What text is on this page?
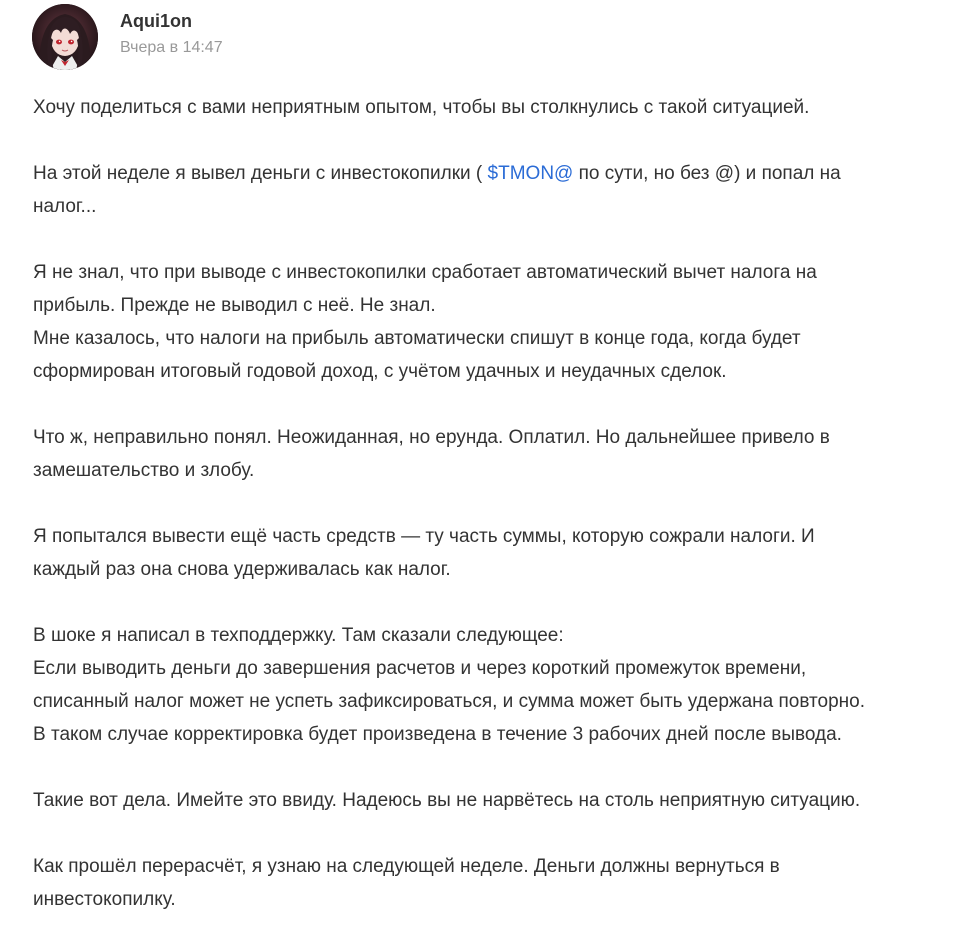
Aqui1on
Вчера в 14:47

Хочу поделиться с вами неприятным опытом, чтобы вы столкнулись с такой ситуацией.

На этой неделе я вывел деньги с инвестокопилки ( $TMON@ по сути, но без @) и попал на
налог...

Я не знал, что при выводе с инвестокопилки сработает автоматический вычет налога на
прибыль. Прежде не выводил с неё. Не знал.
Мне казалось, что налоги на прибыль автоматически спишут в конце года, когда будет
сформирован итоговый годовой доход, с учётом удачных и неудачных сделок.

Что ж, неправильно понял. Неожиданная, но ерунда. Оплатил. Но дальнейшее привело в
замешательство и злобу.

Я попытался вывести ещё часть средств — ту часть суммы, которую сожрали налоги. И
каждый раз она снова удерживалась как налог.

В шоке я написал в техподдержку. Там сказали следующее:
Если выводить деньги до завершения расчетов и через короткий промежуток времени,
списанный налог может не успеть зафиксироваться, и сумма может быть удержана повторно.
В таком случае корректировка будет произведена в течение 3 рабочих дней после вывода.

Такие вот дела. Имейте это ввиду. Надеюсь вы не нарвётесь на столь неприятную ситуацию.

Как прошёл перерасчёт, я узнаю на следующей неделе. Деньги должны вернуться в
инвестокопилку.
